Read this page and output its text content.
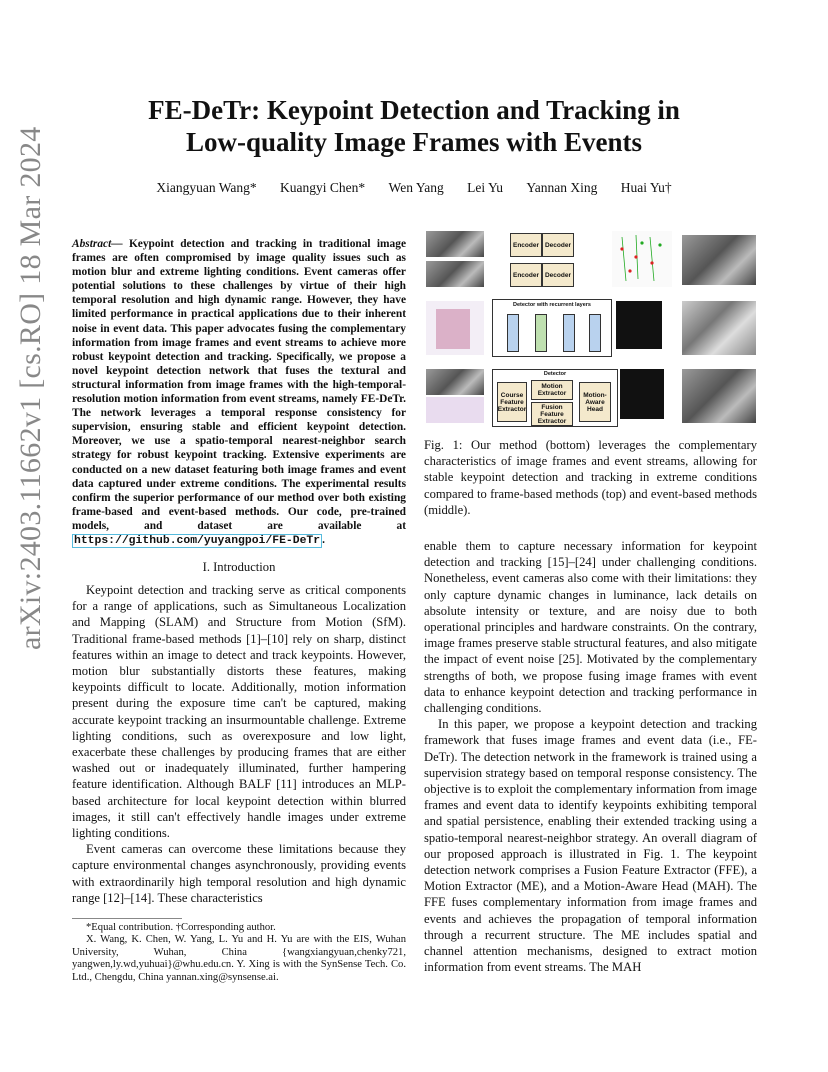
arXiv:2403.11662v1 [cs.RO] 18 Mar 2024
FE-DeTr: Keypoint Detection and Tracking in
Low-quality Image Frames with Events
Xiangyuan Wang* Kuangyi Chen* Wen Yang Lei Yu Yannan Xing Huai Yu†

Abstract— Keypoint detection and tracking in traditional image frames are often compromised by image quality issues such as motion blur and extreme lighting conditions. Event cameras offer potential solutions to these challenges by virtue of their high temporal resolution and high dynamic range. However, they have limited performance in practical applications due to their inherent noise in event data. This paper advocates fusing the complementary information from image frames and event streams to achieve more robust keypoint detection and tracking. Specifically, we propose a novel keypoint detection network that fuses the textural and structural information from image frames with the high-temporal-resolution motion information from event streams, namely FE-DeTr. The network leverages a temporal response consistency for supervision, ensuring stable and efficient keypoint detection. Moreover, we use a spatio-temporal nearest-neighbor search strategy for robust keypoint tracking. Extensive experiments are conducted on a new dataset featuring both image frames and event data captured under extreme conditions. The experimental results confirm the superior performance of our method over both existing frame-based and event-based methods. Our code, pre-trained models, and dataset are available at https://github.com/yuyangpoi/FE-DeTr .

I. Introduction

Keypoint detection and tracking serve as critical components for a range of applications, such as Simultaneous Localization and Mapping (SLAM) and Structure from Motion (SfM). Traditional frame-based methods [1]–[10] rely on sharp, distinct features within an image to detect and track keypoints. However, motion blur substantially distorts these features, making keypoints difficult to locate. Additionally, motion information present during the exposure time can't be captured, making accurate keypoint tracking an insurmountable challenge. Extreme lighting conditions, such as overexposure and low light, exacerbate these challenges by producing frames that are either washed out or inadequately illuminated, further hampering feature identification. Although BALF [11] introduces an MLP-based architecture for local keypoint detection within blurred images, it still can't effectively handle images under extreme lighting conditions.

Event cameras can overcome these limitations because they capture environmental changes asynchronously, providing events with extraordinarily high temporal resolution and high dynamic range [12]–[14]. These characteristics

*Equal contribution. †Corresponding author.

X. Wang, K. Chen, W. Yang, L. Yu and H. Yu are with the EIS, Wuhan University, Wuhan, China {wangxiangyuan,chenky721, yangwen,ly.wd,yuhuai}@whu.edu.cn. Y. Xing is with the SynSense Tech. Co. Ltd., Chengdu, China yannan.xing@synsense.ai.

Encoder Decoder
Encoder Decoder
Detector with recurrent layers
Detector
Course Feature Extractor
Motion Extractor
Fusion Feature Extractor
Motion-Aware Head
Fig. 1: Our method (bottom) leverages the complementary characteristics of image frames and event streams, allowing for stable keypoint detection and tracking in extreme conditions compared to frame-based methods (top) and event-based methods (middle).

enable them to capture necessary information for keypoint detection and tracking [15]–[24] under challenging conditions. Nonetheless, event cameras also come with their limitations: they only capture dynamic changes in luminance, lack details on absolute intensity or texture, and are noisy due to both operational principles and hardware constraints. On the contrary, image frames preserve stable structural features, and also mitigate the impact of event noise [25]. Motivated by the complementary strengths of both, we propose fusing image frames with event data to enhance keypoint detection and tracking performance in challenging conditions.

In this paper, we propose a keypoint detection and tracking framework that fuses image frames and event data (i.e., FE-DeTr). The detection network in the framework is trained using a supervision strategy based on temporal response consistency. The objective is to exploit the complementary information from image frames and event data to identify keypoints exhibiting temporal and spatial persistence, enabling their extended tracking using a spatio-temporal nearest-neighbor strategy. An overall diagram of our proposed approach is illustrated in Fig. 1. The keypoint detection network comprises a Fusion Feature Extractor (FFE), a Motion Extractor (ME), and a Motion-Aware Head (MAH). The FFE fuses complementary information from image frames and events and achieves the propagation of temporal information through a recurrent structure. The ME includes spatial and channel attention mechanisms, designed to extract motion information from event streams. The MAH
